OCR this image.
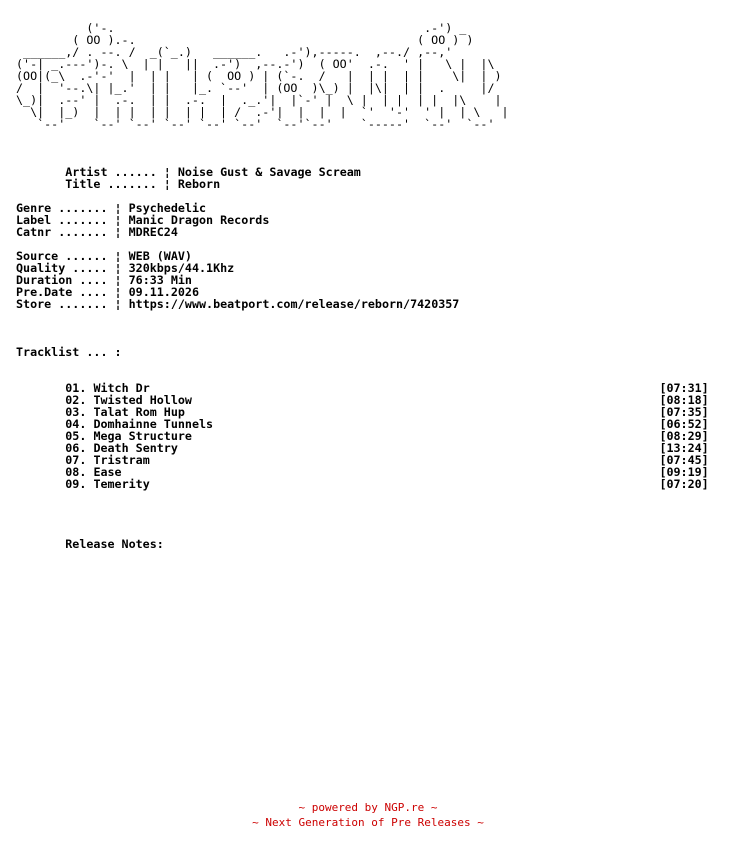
('-.                                            .-') _
( OO ).-.                                        ( OO ) )
______,/ . --. /  _(`_.)   ______.   .-'),-----.  ,--./ ,--,'
('-| _.---')-. \  | |   ||  .-')  ,--.-')  ( OO'  .-.  ' |   \ |  |\
(OO|(_\  .-'-'  |  | |   | (  OO ) | (`-.  /   |  | |  | |    \|  | )
/  |  '--.\| |_.'  | |   |_. `--'  | (OO  )\_) |  |\|  | |  .     |/
\_)|  .--' |  .-.  | |  .-.  |  ._.'|  |`-' |  \ |  | |  | |  |\    |
\|  |_)  |  | |  | |  | |  | /  .-'|  |  |  |  `'  '-'  ' |  | \   |
`--'    `--' `--' `--' `--' `--'  `--'`--'    `-----'  `--'  `--'

Artist ...... ¦ Noise Gust & Savage Scream
Title ....... ¦ Reborn

Genre ....... ¦ Psychedelic
Label ....... ¦ Manic Dragon Records
Catnr ....... ¦ MDREC24

Source ...... ¦ WEB (WAV)
Quality ..... ¦ 320kbps/44.1Khz
Duration .... ¦ 76:33 Min
Pre.Date .... ¦ 09.11.2026
Store ....... ¦ https://www.beatport.com/release/reborn/7420357

Tracklist ... :

01. Witch Dr	[07:31]
02. Twisted Hollow	[08:18]
03. Talat Rom Hup	[07:35]
04. Domhainne Tunnels	[06:52]
05. Mega Structure	[08:29]
06. Death Sentry	[13:24]
07. Tristram	[07:45]
08. Ease	[09:19]
09. Temerity	[07:20]

Release Notes:
~ powered by NGP.re ~
~ Next Generation of Pre Releases ~
